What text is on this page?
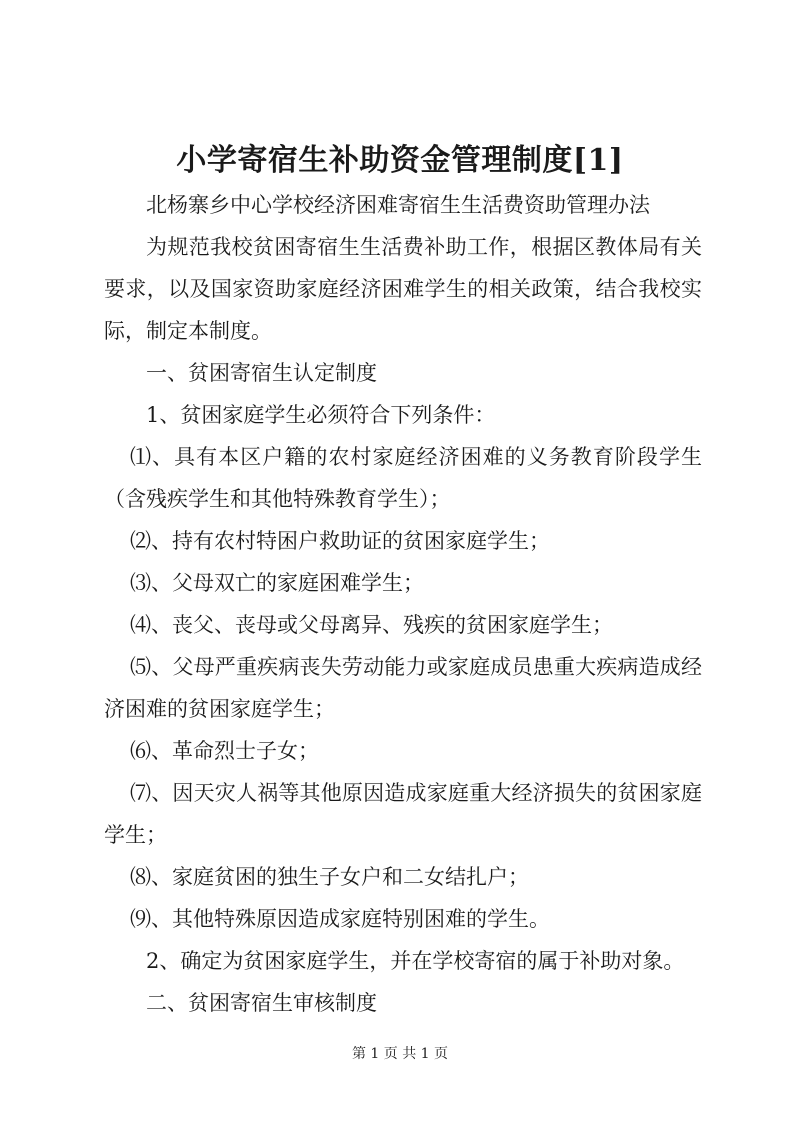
小学寄宿生补助资金管理制度[1]

北杨寨乡中心学校经济困难寄宿生生活费资助管理办法

为规范我校贫困寄宿生生活费补助工作，根据区教体局有关要求，以及国家资助家庭经济困难学生的相关政策，结合我校实际，制定本制度。

一、贫困寄宿生认定制度

1、贫困家庭学生必须符合下列条件：

⑴、具有本区户籍的农村家庭经济困难的义务教育阶段学生（含残疾学生和其他特殊教育学生）；

⑵、持有农村特困户救助证的贫困家庭学生；

⑶、父母双亡的家庭困难学生；

⑷、丧父、丧母或父母离异、残疾的贫困家庭学生；

⑸、父母严重疾病丧失劳动能力或家庭成员患重大疾病造成经济困难的贫困家庭学生；

⑹、革命烈士子女；

⑺、因天灾人祸等其他原因造成家庭重大经济损失的贫困家庭学生；

⑻、家庭贫困的独生子女户和二女结扎户；

⑼、其他特殊原因造成家庭特别困难的学生。

2、确定为贫困家庭学生，并在学校寄宿的属于补助对象。

二、贫困寄宿生审核制度

第 1 页 共 1 页
